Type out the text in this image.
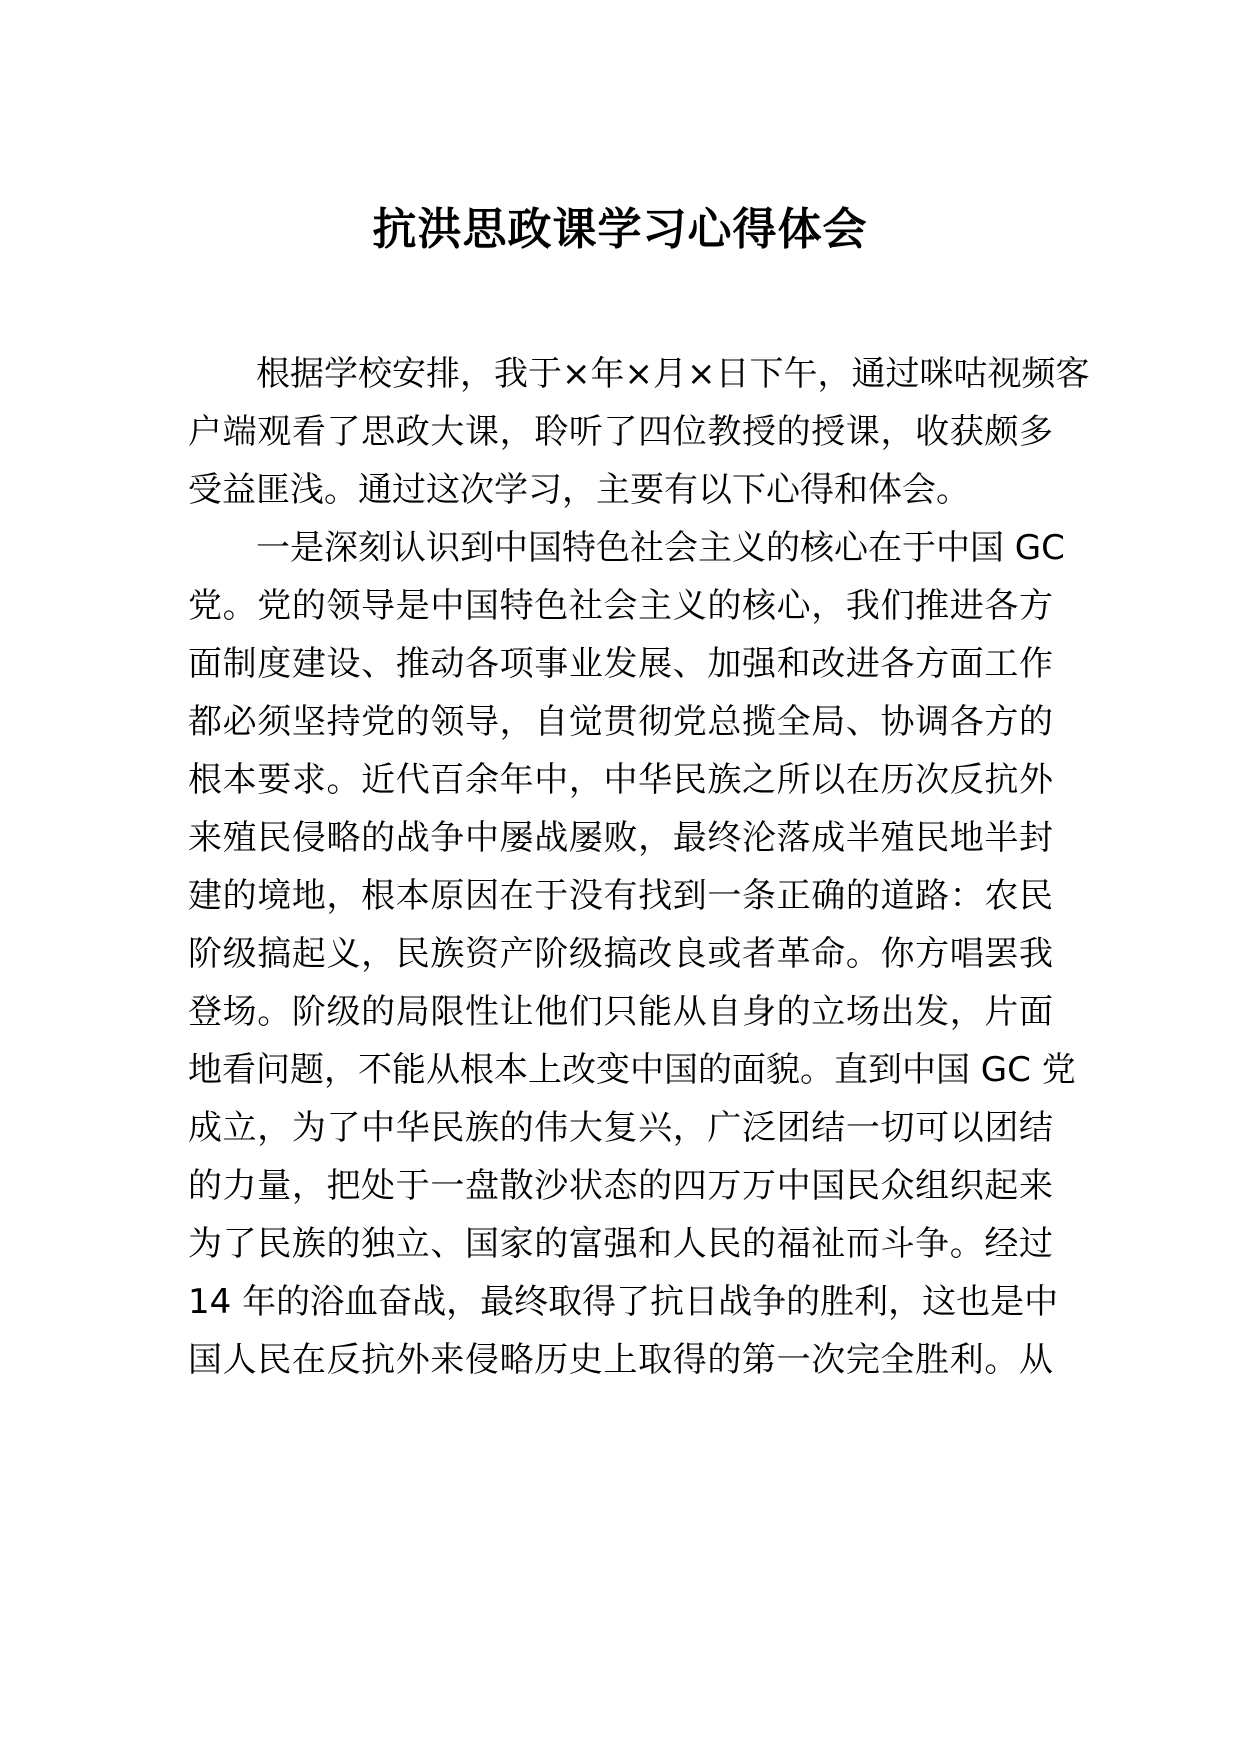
抗洪思政课学习心得体会

根据学校安排，我于×年×月×日下午，通过咪咕视频客

户端观看了思政大课，聆听了四位教授的授课，收获颇多

受益匪浅。通过这次学习，主要有以下心得和体会。

一是深刻认识到中国特色社会主义的核心在于中国 GC

党。党的领导是中国特色社会主义的核心，我们推进各方

面制度建设、推动各项事业发展、加强和改进各方面工作

都必须坚持党的领导，自觉贯彻党总揽全局、协调各方的

根本要求。近代百余年中，中华民族之所以在历次反抗外

来殖民侵略的战争中屡战屡败，最终沦落成半殖民地半封

建的境地，根本原因在于没有找到一条正确的道路：农民

阶级搞起义，民族资产阶级搞改良或者革命。你方唱罢我

登场。阶级的局限性让他们只能从自身的立场出发，片面

地看问题，不能从根本上改变中国的面貌。直到中国 GC 党

成立，为了中华民族的伟大复兴，广泛团结一切可以团结

的力量，把处于一盘散沙状态的四万万中国民众组织起来

为了民族的独立、国家的富强和人民的福祉而斗争。经过

14 年的浴血奋战，最终取得了抗日战争的胜利，这也是中

国人民在反抗外来侵略历史上取得的第一次完全胜利。从
